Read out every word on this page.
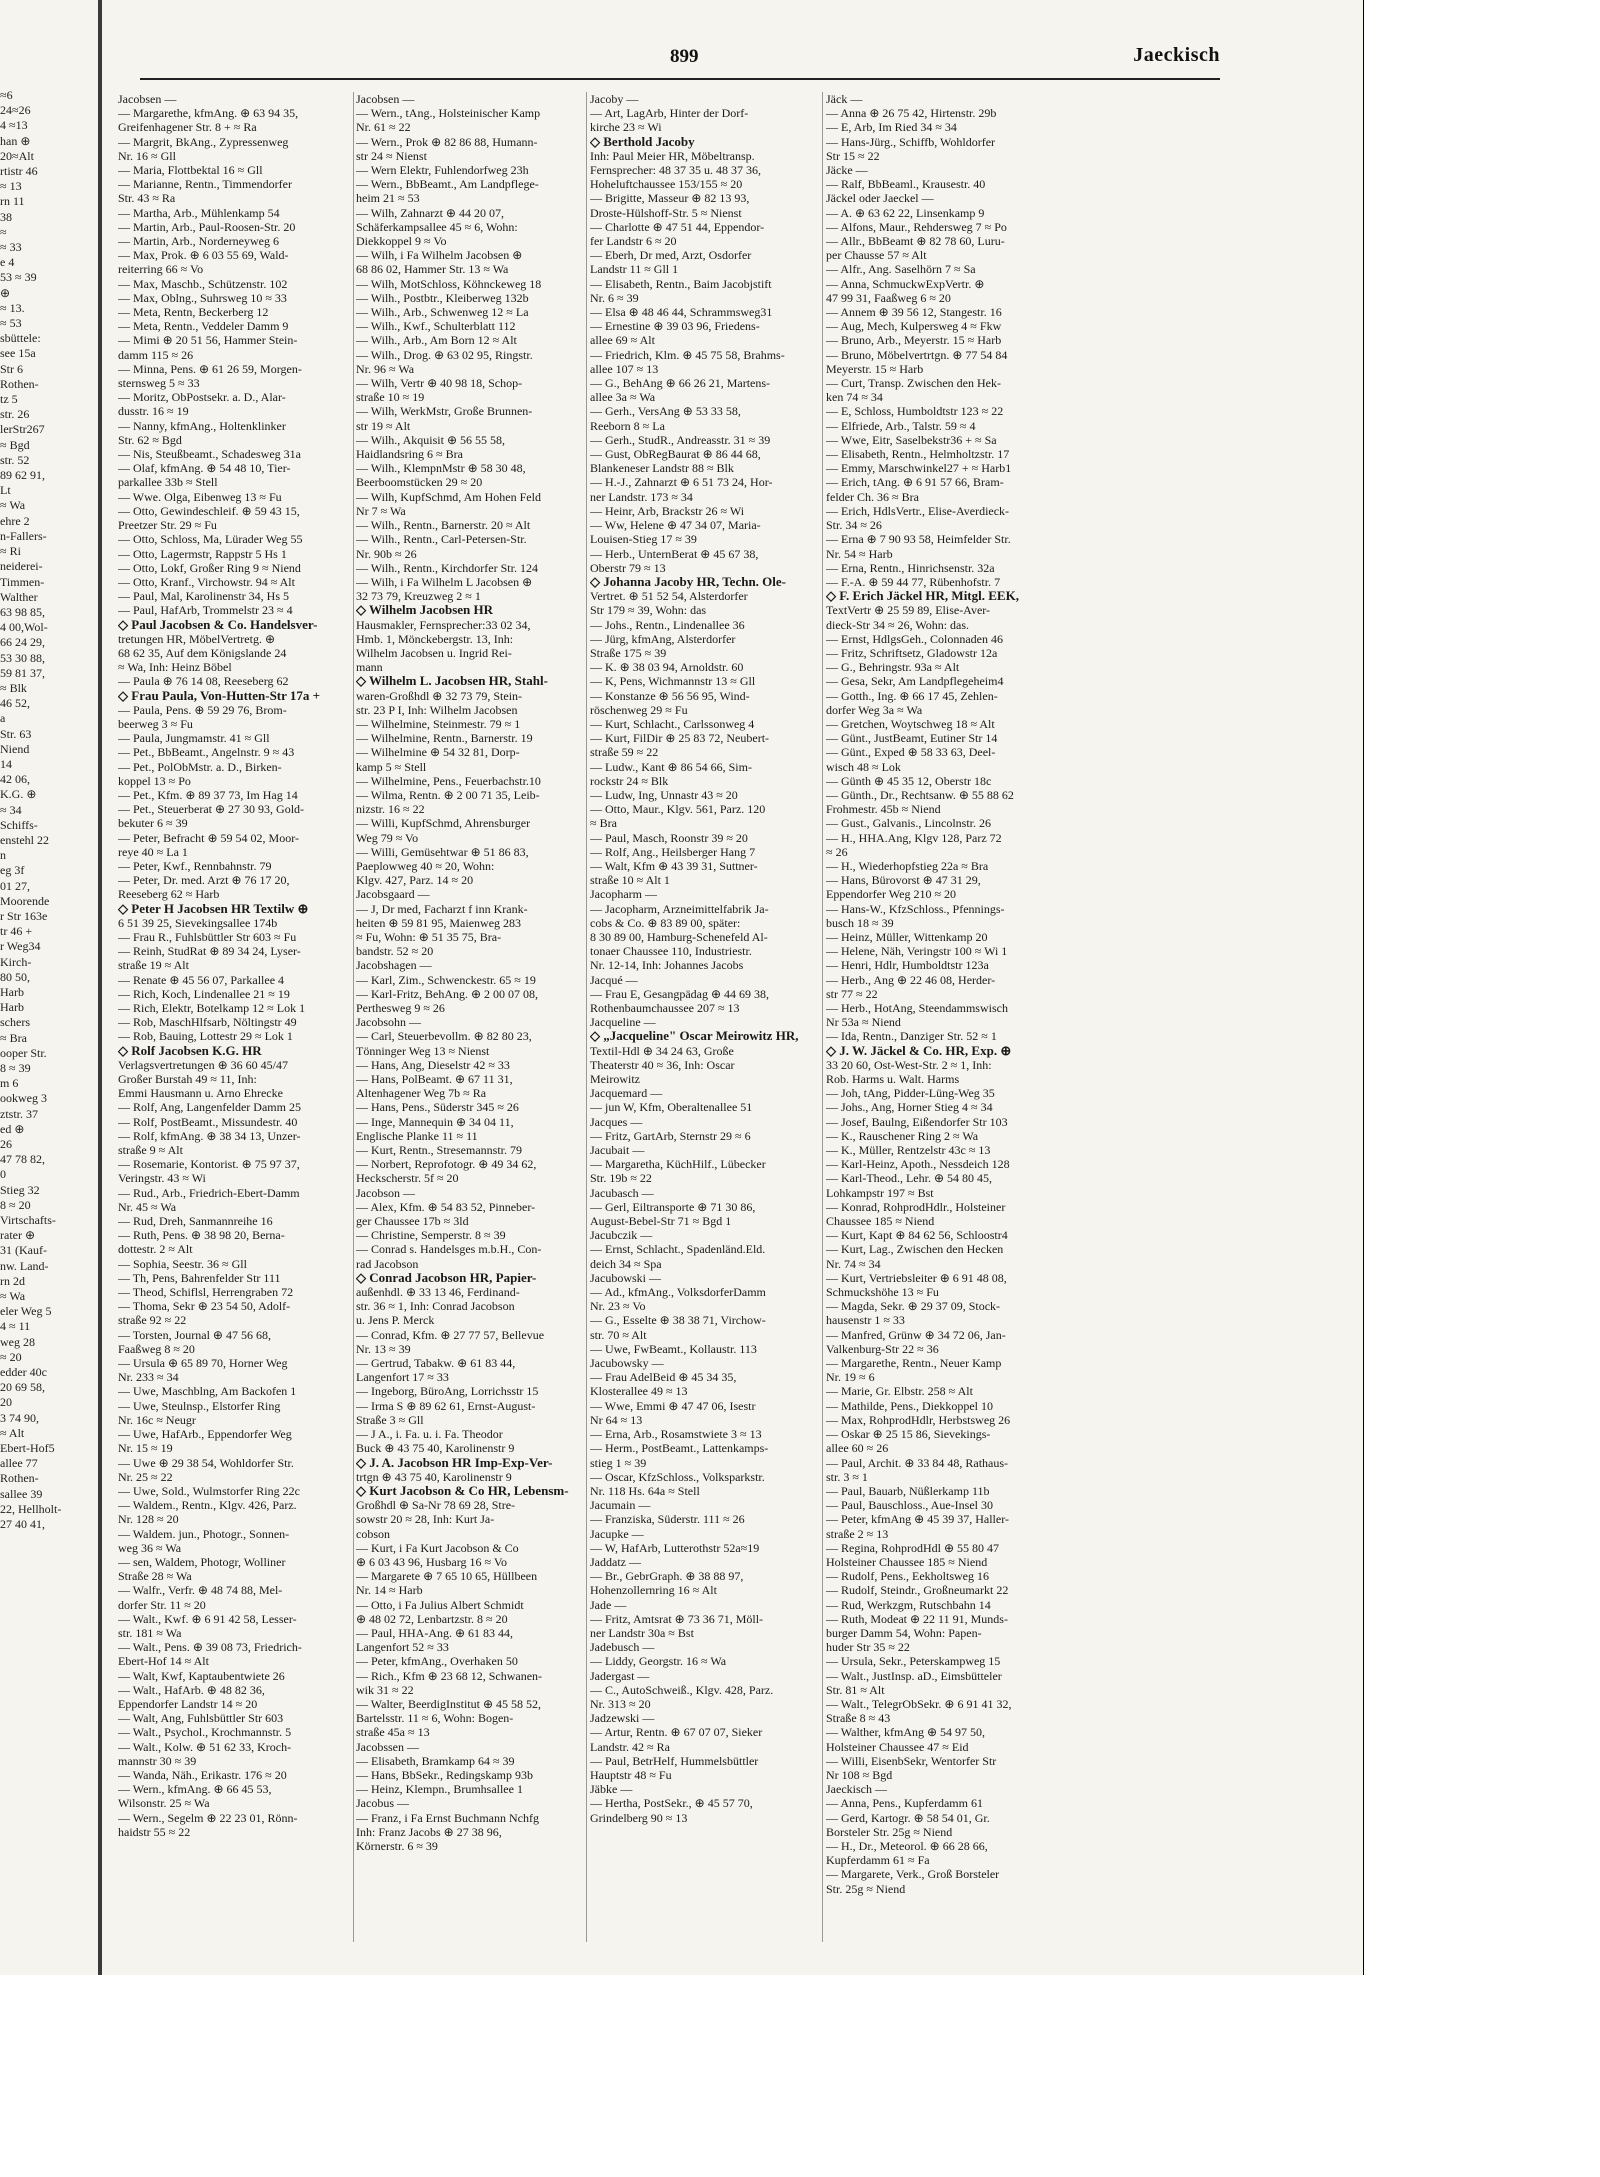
≈6
24≈26
4 ≈13
han ⊕
20≈Alt
rtistr 46
≈ 13
rn 11
38
≈
≈ 33
e 4
53 ≈ 39
⊕
≈ 13.
≈ 53
sbüttele:
see 15a
Str 6
Rothen-
tz 5
str. 26
lerStr267
≈ Bgd
str. 52
89 62 91,
Lt
≈ Wa
ehre 2
n-Fallers-
≈ Ri
neiderei-
Timmen-
Walther
63 98 85,
4 00,Wol-
66 24 29,
53 30 88,
59 81 37,
≈ Blk
46 52,
a
Str. 63
Niend
14
42 06,
K.G. ⊕
≈ 34
Schiffs-
enstehl 22
n
eg 3f
01 27,
Moorende
r Str 163e
tr 46 +
r Weg34
Kirch-
80 50,
Harb
Harb
schers
≈ Bra
ooper Str.
8 ≈ 39
m 6
ookweg 3
ztstr. 37
ed ⊕
26
47 78 82,
0
Stieg 32
8 ≈ 20
Virtschafts-
rater ⊕
31 (Kauf-
nw. Land-
rn 2d
≈ Wa
eler Weg 5
4 ≈ 11
weg 28
≈ 20
edder 40c
20 69 58,
20
3 74 90,
≈ Alt
Ebert-Hof5
allee 77
Rothen-
sallee 39
22, Hellholt-
27 40 41,
899	Jaeckisch
Jacobsen —
— Margarethe, kfmAng. ⊕ 63 94 35,
Greifenhagener Str. 8 + ≈ Ra
— Margrit, BkAng., Zypressenweg
Nr. 16 ≈ Gll
— Maria, Flottbektal 16 ≈ Gll
— Marianne, Rentn., Timmendorfer
Str. 43 ≈ Ra
— Martha, Arb., Mühlenkamp 54
— Martin, Arb., Paul-Roosen-Str. 20
— Martin, Arb., Norderneyweg 6
— Max, Prok. ⊕ 6 03 55 69, Wald-
reiterring 66 ≈ Vo
— Max, Maschb., Schützenstr. 102
— Max, Oblng., Suhrsweg 10 ≈ 33
— Meta, Rentn, Beckerberg 12
— Meta, Rentn., Veddeler Damm 9
— Mimi ⊕ 20 51 56, Hammer Stein-
damm 115 ≈ 26
— Minna, Pens. ⊕ 61 26 59, Morgen-
sternsweg 5 ≈ 33
— Moritz, ObPostsekr. a. D., Alar-
dusstr. 16 ≈ 19
— Nanny, kfmAng., Holtenklinker
Str. 62 ≈ Bgd
— Nis, Steußbeamt., Schadesweg 31a
— Olaf, kfmAng. ⊕ 54 48 10, Tier-
parkallee 33b ≈ Stell
— Wwe. Olga, Eibenweg 13 ≈ Fu
— Otto, Gewindeschleif. ⊕ 59 43 15,
Preetzer Str. 29 ≈ Fu
— Otto, Schloss, Ma, Lürader Weg 55
— Otto, Lagermstr, Rappstr 5 Hs 1
— Otto, Lokf, Großer Ring 9 ≈ Niend
— Otto, Kranf., Virchowstr. 94 ≈ Alt
— Paul, Mal, Karolinenstr 34, Hs 5
— Paul, HafArb, Trommelstr 23 ≈ 4
◇ Paul Jacobsen & Co. Handelsver-
tretungen HR, MöbelVertretg. ⊕
68 62 35, Auf dem Königslande 24
≈ Wa, Inh: Heinz Böbel
— Paula ⊕ 76 14 08, Reeseberg 62
◇ Frau Paula, Von-Hutten-Str 17a +
— Paula, Pens. ⊕ 59 29 76, Brom-
beerweg 3 ≈ Fu
— Paula, Jungmamstr. 41 ≈ Gll
— Pet., BbBeamt., Angelnstr. 9 ≈ 43
— Pet., PolObMstr. a. D., Birken-
koppel 13 ≈ Po
— Pet., Kfm. ⊕ 89 37 73, Im Hag 14
— Pet., Steuerberat ⊕ 27 30 93, Gold-
bekuter 6 ≈ 39
— Peter, Befracht ⊕ 59 54 02, Moor-
reye 40 ≈ La 1
— Peter, Kwf., Rennbahnstr. 79
— Peter, Dr. med. Arzt ⊕ 76 17 20,
Reeseberg 62 ≈ Harb
◇ Peter H Jacobsen HR Textilw ⊕
6 51 39 25, Sievekingsallee 174b
— Frau R., Fuhlsbüttler Str 603 ≈ Fu
— Reinh, StudRat ⊕ 89 34 24, Lyser-
straße 19 ≈ Alt
— Renate ⊕ 45 56 07, Parkallee 4
— Rich, Koch, Lindenallee 21 ≈ 19
— Rich, Elektr, Botelkamp 12 ≈ Lok 1
— Rob, MaschHlfsarb, Nöltingstr 49
— Rob, Bauing, Lottestr 29 ≈ Lok 1
◇ Rolf Jacobsen K.G. HR
Verlagsvertretungen ⊕ 36 60 45/47
Großer Burstah 49 ≈ 11, Inh:
Emmi Hausmann u. Arno Ehrecke
— Rolf, Ang, Langenfelder Damm 25
— Rolf, PostBeamt., Missundestr. 40
— Rolf, kfmAng. ⊕ 38 34 13, Unzer-
straße 9 ≈ Alt
— Rosemarie, Kontorist. ⊕ 75 97 37,
Veringstr. 43 ≈ Wi
— Rud., Arb., Friedrich-Ebert-Damm
Nr. 45 ≈ Wa
— Rud, Dreh, Sanmannreihe 16
— Ruth, Pens. ⊕ 38 98 20, Berna-
dottestr. 2 ≈ Alt
— Sophia, Seestr. 36 ≈ Gll
— Th, Pens, Bahrenfelder Str 111
— Theod, Schiflsl, Herrengraben 72
— Thoma, Sekr ⊕ 23 54 50, Adolf-
straße 92 ≈ 22
— Torsten, Journal ⊕ 47 56 68,
Faaßweg 8 ≈ 20
— Ursula ⊕ 65 89 70, Horner Weg
Nr. 233 ≈ 34
— Uwe, Maschblng, Am Backofen 1
— Uwe, Steulnsp., Elstorfer Ring
Nr. 16c ≈ Neugr
— Uwe, HafArb., Eppendorfer Weg
Nr. 15 ≈ 19
— Uwe ⊕ 29 38 54, Wohldorfer Str.
Nr. 25 ≈ 22
— Uwe, Sold., Wulmstorfer Ring 22c
— Waldem., Rentn., Klgv. 426, Parz.
Nr. 128 ≈ 20
— Waldem. jun., Photogr., Sonnen-
weg 36 ≈ Wa
— sen, Waldem, Photogr, Wolliner
Straße 28 ≈ Wa
— Walfr., Verfr. ⊕ 48 74 88, Mel-
dorfer Str. 11 ≈ 20
— Walt., Kwf. ⊕ 6 91 42 58, Lesser-
str. 181 ≈ Wa
— Walt., Pens. ⊕ 39 08 73, Friedrich-
Ebert-Hof 14 ≈ Alt
— Walt, Kwf, Kaptaubentwiete 26
— Walt., HafArb. ⊕ 48 82 36,
Eppendorfer Landstr 14 ≈ 20
— Walt, Ang, Fuhlsbüttler Str 603
— Walt., Psychol., Krochmannstr. 5
— Walt., Kolw. ⊕ 51 62 33, Kroch-
mannstr 30 ≈ 39
— Wanda, Näh., Erikastr. 176 ≈ 20
— Wern., kfmAng. ⊕ 66 45 53,
Wilsonstr. 25 ≈ Wa
— Wern., Segelm ⊕ 22 23 01, Rönn-
haidstr 55 ≈ 22
Jacobsen —
— Wern., tAng., Holsteinischer Kamp
Nr. 61 ≈ 22
— Wern., Prok ⊕ 82 86 88, Humann-
str 24 ≈ Nienst
— Wern Elektr, Fuhlendorfweg 23h
— Wern., BbBeamt., Am Landpflege-
heim 21 ≈ 53
— Wilh, Zahnarzt ⊕ 44 20 07,
Schäferkampsallee 45 ≈ 6, Wohn:
Diekkoppel 9 ≈ Vo
— Wilh, i Fa Wilhelm Jacobsen ⊕
68 86 02, Hammer Str. 13 ≈ Wa
— Wilh, MotSchloss, Köhnckeweg 18
— Wilh., Postbtr., Kleiberweg 132b
— Wilh., Arb., Schwenweg 12 ≈ La
— Wilh., Kwf., Schulterblatt 112
— Wilh., Arb., Am Born 12 ≈ Alt
— Wilh., Drog. ⊕ 63 02 95, Ringstr.
Nr. 96 ≈ Wa
— Wilh, Vertr ⊕ 40 98 18, Schop-
straße 10 ≈ 19
— Wilh, WerkMstr, Große Brunnen-
str 19 ≈ Alt
— Wilh., Akquisit ⊕ 56 55 58,
Haidlandsring 6 ≈ Bra
— Wilh., KlempnMstr ⊕ 58 30 48,
Beerboomstücken 29 ≈ 20
— Wilh, KupfSchmd, Am Hohen Feld
Nr 7 ≈ Wa
— Wilh., Rentn., Barnerstr. 20 ≈ Alt
— Wilh., Rentn., Carl-Petersen-Str.
Nr. 90b ≈ 26
— Wilh., Rentn., Kirchdorfer Str. 124
— Wilh, i Fa Wilhelm L Jacobsen ⊕
32 73 79, Kreuzweg 2 ≈ 1
◇ Wilhelm Jacobsen HR
Hausmakler, Fernsprecher:33 02 34,
Hmb. 1, Mönckebergstr. 13, Inh:
Wilhelm Jacobsen u. Ingrid Rei-
mann
◇ Wilhelm L. Jacobsen HR, Stahl-
waren-Großhdl ⊕ 32 73 79, Stein-
str. 23 P I, Inh: Wilhelm Jacobsen
— Wilhelmine, Steinmestr. 79 ≈ 1
— Wilhelmine, Rentn., Barnerstr. 19
— Wilhelmine ⊕ 54 32 81, Dorp-
kamp 5 ≈ Stell
— Wilhelmine, Pens., Feuerbachstr.10
— Wilma, Rentn. ⊕ 2 00 71 35, Leib-
nizstr. 16 ≈ 22
— Willi, KupfSchmd, Ahrensburger
Weg 79 ≈ Vo
— Willi, Gemüsehtwar ⊕ 51 86 83,
Paeplowweg 40 ≈ 20, Wohn:
Klgv. 427, Parz. 14 ≈ 20
Jacobsgaard —
— J, Dr med, Facharzt f inn Krank-
heiten ⊕ 59 81 95, Maienweg 283
≈ Fu, Wohn: ⊕ 51 35 75, Bra-
bandstr. 52 ≈ 20
Jacobshagen —
— Karl, Zim., Schwenckestr. 65 ≈ 19
— Karl-Fritz, BehAng. ⊕ 2 00 07 08,
Perthesweg 9 ≈ 26
Jacobsohn —
— Carl, Steuerbevollm. ⊕ 82 80 23,
Tönninger Weg 13 ≈ Nienst
— Hans, Ang, Dieselstr 42 ≈ 33
— Hans, PolBeamt. ⊕ 67 11 31,
Altenhagener Weg 7b ≈ Ra
— Hans, Pens., Süderstr 345 ≈ 26
— Inge, Mannequin ⊕ 34 04 11,
Englische Planke 11 ≈ 11
— Kurt, Rentn., Stresemannstr. 79
— Norbert, Reprofotogr. ⊕ 49 34 62,
Heckscherstr. 5f ≈ 20
Jacobson —
— Alex, Kfm. ⊕ 54 83 52, Pinneber-
ger Chaussee 17b ≈ 3ld
— Christine, Semperstr. 8 ≈ 39
— Conrad s. Handelsges m.b.H., Con-
rad Jacobson
◇ Conrad Jacobson HR, Papier-
außenhdl. ⊕ 33 13 46, Ferdinand-
str. 36 ≈ 1, Inh: Conrad Jacobson
u. Jens P. Merck
— Conrad, Kfm. ⊕ 27 77 57, Bellevue
Nr. 13 ≈ 39
— Gertrud, Tabakw. ⊕ 61 83 44,
Langenfort 17 ≈ 33
— Ingeborg, BüroAng, Lorrichsstr 15
— Irma S ⊕ 89 62 61, Ernst-August-
Straße 3 ≈ Gll
— J A., i. Fa. u. i. Fa. Theodor
Buck ⊕ 43 75 40, Karolinenstr 9
◇ J. A. Jacobson HR Imp-Exp-Ver-
trtgn ⊕ 43 75 40, Karolinenstr 9
◇ Kurt Jacobson & Co HR, Lebensm-
Großhdl ⊕ Sa-Nr 78 69 28, Stre-
sowstr 20 ≈ 28, Inh: Kurt Ja-
cobson
— Kurt, i Fa Kurt Jacobson & Co
⊕ 6 03 43 96, Husbarg 16 ≈ Vo
— Margarete ⊕ 7 65 10 65, Hüllbeen
Nr. 14 ≈ Harb
— Otto, i Fa Julius Albert Schmidt
⊕ 48 02 72, Lenbartzstr. 8 ≈ 20
— Paul, HHA-Ang. ⊕ 61 83 44,
Langenfort 52 ≈ 33
— Peter, kfmAng., Overhaken 50
— Rich., Kfm ⊕ 23 68 12, Schwanen-
wik 31 ≈ 22
— Walter, BeerdigInstitut ⊕ 45 58 52,
Bartelsstr. 11 ≈ 6, Wohn: Bogen-
straße 45a ≈ 13
Jacobssen —
— Elisabeth, Bramkamp 64 ≈ 39
— Hans, BbSekr., Redingskamp 93b
— Heinz, Klempn., Brumhsallee 1
Jacobus —
— Franz, i Fa Ernst Buchmann Nchfg
Inh: Franz Jacobs ⊕ 27 38 96,
Körnerstr. 6 ≈ 39
Jacoby —
— Art, LagArb, Hinter der Dorf-
kirche 23 ≈ Wi
◇ Berthold Jacoby
Inh: Paul Meier HR, Möbeltransp.
Fernsprecher: 48 37 35 u. 48 37 36,
Hoheluftchaussee 153/155 ≈ 20
— Brigitte, Masseur ⊕ 82 13 93,
Droste-Hülshoff-Str. 5 ≈ Nienst
— Charlotte ⊕ 47 51 44, Eppendor-
fer Landstr 6 ≈ 20
— Eberh, Dr med, Arzt, Osdorfer
Landstr 11 ≈ Gll 1
— Elisabeth, Rentn., Baim Jacobjstift
Nr. 6 ≈ 39
— Elsa ⊕ 48 46 44, Schrammsweg31
— Ernestine ⊕ 39 03 96, Friedens-
allee 69 ≈ Alt
— Friedrich, Klm. ⊕ 45 75 58, Brahms-
allee 107 ≈ 13
— G., BehAng ⊕ 66 26 21, Martens-
allee 3a ≈ Wa
— Gerh., VersAng ⊕ 53 33 58,
Reeborn 8 ≈ La
— Gerh., StudR., Andreasstr. 31 ≈ 39
— Gust, ObRegBaurat ⊕ 86 44 68,
Blankeneser Landstr 88 ≈ Blk
— H.-J., Zahnarzt ⊕ 6 51 73 24, Hor-
ner Landstr. 173 ≈ 34
— Heinr, Arb, Brackstr 26 ≈ Wi
— Ww, Helene ⊕ 47 34 07, Maria-
Louisen-Stieg 17 ≈ 39
— Herb., UnternBerat ⊕ 45 67 38,
Oberstr 79 ≈ 13
◇ Johanna Jacoby HR, Techn. Ole-
Vertret. ⊕ 51 52 54, Alsterdorfer
Str 179 ≈ 39, Wohn: das
— Johs., Rentn., Lindenallee 36
— Jürg, kfmAng, Alsterdorfer
Straße 175 ≈ 39
— K. ⊕ 38 03 94, Arnoldstr. 60
— K, Pens, Wichmannstr 13 ≈ Gll
— Konstanze ⊕ 56 56 95, Wind-
röschenweg 29 ≈ Fu
— Kurt, Schlacht., Carlssonweg 4
— Kurt, FilDir ⊕ 25 83 72, Neubert-
straße 59 ≈ 22
— Ludw., Kant ⊕ 86 54 66, Sim-
rockstr 24 ≈ Blk
— Ludw, Ing, Unnastr 43 ≈ 20
— Otto, Maur., Klgv. 561, Parz. 120
≈ Bra
— Paul, Masch, Roonstr 39 ≈ 20
— Rolf, Ang., Heilsberger Hang 7
— Walt, Kfm ⊕ 43 39 31, Suttner-
straße 10 ≈ Alt 1
Jacopharm —
— Jacopharm, Arzneimittelfabrik Ja-
cobs & Co. ⊕ 83 89 00, später:
8 30 89 00, Hamburg-Schenefeld Al-
tonaer Chaussee 110, Industriestr.
Nr. 12-14, Inh: Johannes Jacobs
Jacqué —
— Frau E, Gesangpädag ⊕ 44 69 38,
Rothenbaumchaussee 207 ≈ 13
Jacqueline —
◇ „Jacqueline" Oscar Meirowitz HR,
Textil-Hdl ⊕ 34 24 63, Große
Theaterstr 40 ≈ 36, Inh: Oscar
Meirowitz
Jacquemard —
— jun W, Kfm, Oberaltenallee 51
Jacques —
— Fritz, GartArb, Sternstr 29 ≈ 6
Jacubait —
— Margaretha, KüchHilf., Lübecker
Str. 19b ≈ 22
Jacubasch —
— Gerl, Eiltransporte ⊕ 71 30 86,
August-Bebel-Str 71 ≈ Bgd 1
Jacubczik —
— Ernst, Schlacht., Spadenländ.Eld.
deich 34 ≈ Spa
Jacubowski —
— Ad., kfmAng., VolksdorferDamm
Nr. 23 ≈ Vo
— G., Esselte ⊕ 38 38 71, Virchow-
str. 70 ≈ Alt
— Uwe, FwBeamt., Kollaustr. 113
Jacubowsky —
— Frau AdelBeid ⊕ 45 34 35,
Klosterallee 49 ≈ 13
— Wwe, Emmi ⊕ 47 47 06, Isestr
Nr 64 ≈ 13
— Erna, Arb., Rosamstwiete 3 ≈ 13
— Herm., PostBeamt., Lattenkamps-
stieg 1 ≈ 39
— Oscar, KfzSchloss., Volksparkstr.
Nr. 118 Hs. 64a ≈ Stell
Jacumain —
— Franziska, Süderstr. 111 ≈ 26
Jacupke —
— W, HafArb, Lutterothstr 52a≈19
Jaddatz —
— Br., GebrGraph. ⊕ 38 88 97,
Hohenzollernring 16 ≈ Alt
Jade —
— Fritz, Amtsrat ⊕ 73 36 71, Möll-
ner Landstr 30a ≈ Bst
Jadebusch —
— Liddy, Georgstr. 16 ≈ Wa
Jadergast —
— C., AutoSchweiß., Klgv. 428, Parz.
Nr. 313 ≈ 20
Jadzewski —
— Artur, Rentn. ⊕ 67 07 07, Sieker
Landstr. 42 ≈ Ra
— Paul, BetrHelf, Hummelsbüttler
Hauptstr 48 ≈ Fu
Jäbke —
— Hertha, PostSekr., ⊕ 45 57 70,
Grindelberg 90 ≈ 13
Jäck —
— Anna ⊕ 26 75 42, Hirtenstr. 29b
— E, Arb, Im Ried 34 ≈ 34
— Hans-Jürg., Schiffb, Wohldorfer
Str 15 ≈ 22
Jäcke —
— Ralf, BbBeaml., Krausestr. 40
Jäckel oder Jaeckel —
— A. ⊕ 63 62 22, Linsenkamp 9
— Alfons, Maur., Rehdersweg 7 ≈ Po
— Allr., BbBeamt ⊕ 82 78 60, Luru-
per Chausse 57 ≈ Alt
— Alfr., Ang. Saselhörn 7 ≈ Sa
— Anna, SchmuckwExpVertr. ⊕
47 99 31, Faaßweg 6 ≈ 20
— Annem ⊕ 39 56 12, Stangestr. 16
— Aug, Mech, Kulpersweg 4 ≈ Fkw
— Bruno, Arb., Meyerstr. 15 ≈ Harb
— Bruno, Möbelvertrtgn. ⊕ 77 54 84
Meyerstr. 15 ≈ Harb
— Curt, Transp. Zwischen den Hek-
ken 74 ≈ 34
— E, Schloss, Humboldtstr 123 ≈ 22
— Elfriede, Arb., Talstr. 59 ≈ 4
— Wwe, Eitr, Saselbekstr36 + ≈ Sa
— Elisabeth, Rentn., Helmholtzstr. 17
— Emmy, Marschwinkel27 + ≈ Harb1
— Erich, tAng. ⊕ 6 91 57 66, Bram-
felder Ch. 36 ≈ Bra
— Erich, HdlsVertr., Elise-Averdieck-
Str. 34 ≈ 26
— Erna ⊕ 7 90 93 58, Heimfelder Str.
Nr. 54 ≈ Harb
— Erna, Rentn., Hinrichsenstr. 32a
— F.-A. ⊕ 59 44 77, Rübenhofstr. 7
◇ F. Erich Jäckel HR, Mitgl. EEK,
TextVertr ⊕ 25 59 89, Elise-Aver-
dieck-Str 34 ≈ 26, Wohn: das.
— Ernst, HdlgsGeh., Colonnaden 46
— Fritz, Schriftsetz, Gladowstr 12a
— G., Behringstr. 93a ≈ Alt
— Gesa, Sekr, Am Landpflegeheim4
— Gotth., Ing. ⊕ 66 17 45, Zehlen-
dorfer Weg 3a ≈ Wa
— Gretchen, Woytschweg 18 ≈ Alt
— Günt., JustBeamt, Eutiner Str 14
— Günt., Exped ⊕ 58 33 63, Deel-
wisch 48 ≈ Lok
— Günth ⊕ 45 35 12, Oberstr 18c
— Günth., Dr., Rechtsanw. ⊕ 55 88 62
Frohmestr. 45b ≈ Niend
— Gust., Galvanis., Lincolnstr. 26
— H., HHA.Ang, Klgv 128, Parz 72
≈ 26
— H., Wiederhopfstieg 22a ≈ Bra
— Hans, Bürovorst ⊕ 47 31 29,
Eppendorfer Weg 210 ≈ 20
— Hans-W., KfzSchloss., Pfennings-
busch 18 ≈ 39
— Heinz, Müller, Wittenkamp 20
— Helene, Näh, Veringstr 100 ≈ Wi 1
— Henri, Hdlr, Humboldtstr 123a
— Herb., Ang ⊕ 22 46 08, Herder-
str 77 ≈ 22
— Herb., HotAng, Steendammswisch
Nr 53a ≈ Niend
— Ida, Rentn., Danziger Str. 52 ≈ 1
◇ J. W. Jäckel & Co. HR, Exp. ⊕
33 20 60, Ost-West-Str. 2 ≈ 1, Inh:
Rob. Harms u. Walt. Harms
— Joh, tAng, Pidder-Lüng-Weg 35
— Johs., Ang, Horner Stieg 4 ≈ 34
— Josef, Baulng, Eißendorfer Str 103
— K., Rauschener Ring 2 ≈ Wa
— K., Müller, Rentzelstr 43c ≈ 13
— Karl-Heinz, Apoth., Nessdeich 128
— Karl-Theod., Lehr. ⊕ 54 80 45,
Lohkampstr 197 ≈ Bst
— Konrad, RohprodHdlr., Holsteiner
Chaussee 185 ≈ Niend
— Kurt, Kapt ⊕ 84 62 56, Schloostr4
— Kurt, Lag., Zwischen den Hecken
Nr. 74 ≈ 34
— Kurt, Vertriebsleiter ⊕ 6 91 48 08,
Schmuckshöhe 13 ≈ Fu
— Magda, Sekr. ⊕ 29 37 09, Stock-
hausenstr 1 ≈ 33
— Manfred, Grünw ⊕ 34 72 06, Jan-
Valkenburg-Str 22 ≈ 36
— Margarethe, Rentn., Neuer Kamp
Nr. 19 ≈ 6
— Marie, Gr. Elbstr. 258 ≈ Alt
— Mathilde, Pens., Diekkoppel 10
— Max, RohprodHdlr, Herbstsweg 26
— Oskar ⊕ 25 15 86, Sievekings-
allee 60 ≈ 26
— Paul, Archit. ⊕ 33 84 48, Rathaus-
str. 3 ≈ 1
— Paul, Bauarb, Nüßlerkamp 11b
— Paul, Bauschloss., Aue-Insel 30
— Peter, kfmAng ⊕ 45 39 37, Haller-
straße 2 ≈ 13
— Regina, RohprodHdl ⊕ 55 80 47
Holsteiner Chaussee 185 ≈ Niend
— Rudolf, Pens., Eekholtsweg 16
— Rudolf, Steindr., Großneumarkt 22
— Rud, Werkzgm, Rutschbahn 14
— Ruth, Modeat ⊕ 22 11 91, Munds-
burger Damm 54, Wohn: Papen-
huder Str 35 ≈ 22
— Ursula, Sekr., Peterskampweg 15
— Walt., JustInsp. aD., Eimsbütteler
Str. 81 ≈ Alt
— Walt., TelegrObSekr. ⊕ 6 91 41 32,
Straße 8 ≈ 43
— Walther, kfmAng ⊕ 54 97 50,
Holsteiner Chaussee 47 ≈ Eid
— Willi, EisenbSekr, Wentorfer Str
Nr 108 ≈ Bgd
Jaeckisch —
— Anna, Pens., Kupferdamm 61
— Gerd, Kartogr. ⊕ 58 54 01, Gr.
Borsteler Str. 25g ≈ Niend
— H., Dr., Meteorol. ⊕ 66 28 66,
Kupferdamm 61 ≈ Fa
— Margarete, Verk., Groß Borsteler
Str. 25g ≈ Niend
